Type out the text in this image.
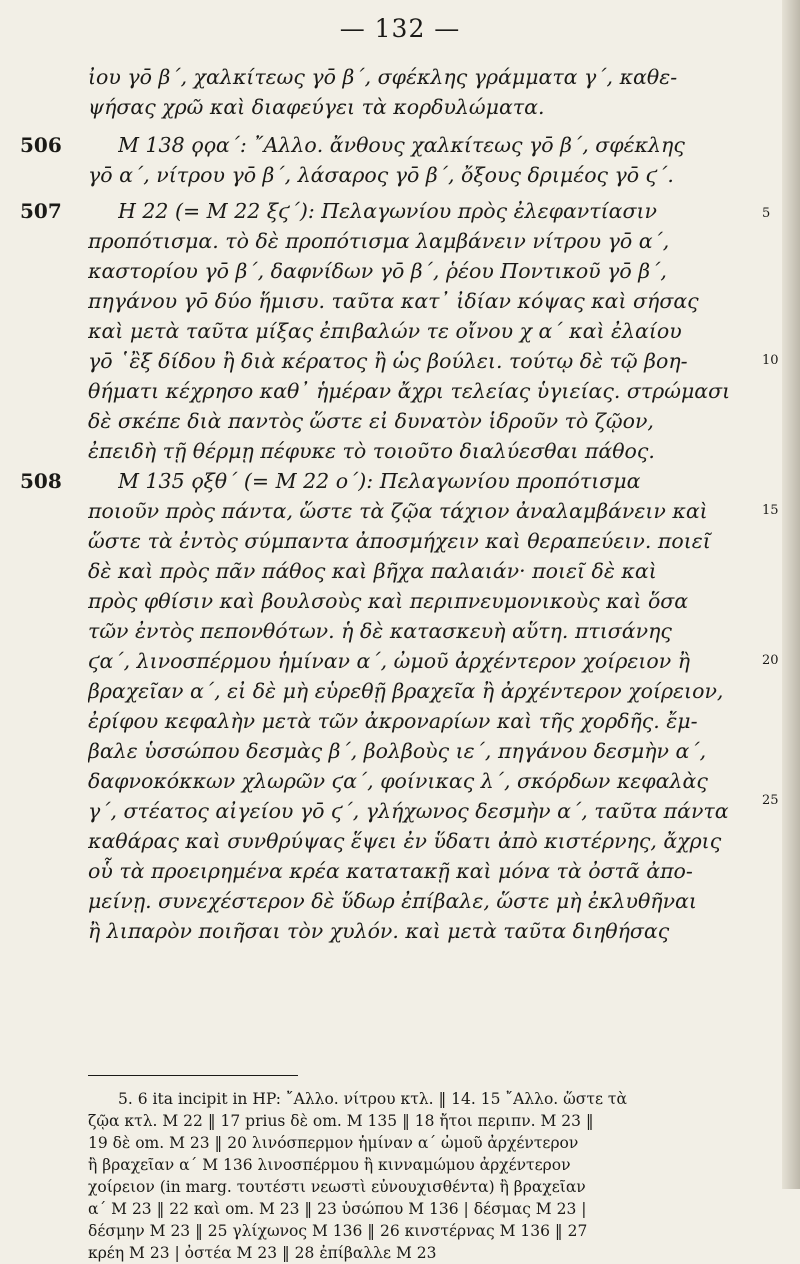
— 132 —
ἰου γο̄ β΄, χαλκίτεως γο̄ β΄, σφέκλης γράμματα γ΄, καθε-
ψήσας χρῶ καὶ διαφεύγει τὰ κορδυλώματα.
506	Μ 138 ϙϙα΄: ῎Αλλο. ἄνθους χαλκίτεως γο̄ β΄, σφέκλης
γο̄ α΄, νίτρου γο̄ β΄, λάσαρος γο̄ β΄, ὄξους δριμέος γο̄ ϛ΄.
507	Η 22 (= Μ 22 ξϛ΄): Πελαγωνίου πρὸς ἐλεφαντίασιν	5
προπότισμα. τὸ δὲ προπότισμα λαμβάνειν νίτρου γο̄ α΄,
καστορίου γο̄ β΄, δαφνίδων γο̄ β΄, ῥέου Ποντικοῦ γο̄ β΄,
πηγάνου γο̄ δύο ἥμισυ. ταῦτα κατ᾽ ἰδίαν κόψας καὶ σήσας
καὶ μετὰ ταῦτα μίξας ἐπιβαλών τε οἴνου χ α΄ καὶ ἐλαίου
γο̄ ῾ἒξ δίδου ἢ διὰ κέρατος ἢ ὡς βούλει. τούτῳ δὲ τῷ βοη-	10
θήματι κέχρησο καθ᾽ ἡμέραν ἄχρι τελείας ὑγιείας. στρώμασι
δὲ σκέπε διὰ παντὸς ὥστε εἰ δυνατὸν ἱδροῦν τὸ ζῷον,
ἐπειδὴ τῇ θέρμῃ πέφυκε τὸ τοιοῦτο διαλύεσθαι πάθος.
508	Μ 135 ϙξθ΄ (= Μ 22 ο΄): Πελαγωνίου προπότισμα
ποιοῦν πρὸς πάντα, ὥστε τὰ ζῷα τάχιον ἀναλαμβάνειν καὶ	15
ὥστε τὰ ἐντὸς σύμπαντα ἀποσμήχειν καὶ θεραπεύειν. ποιεῖ
δὲ καὶ πρὸς πᾶν πάθος καὶ βῆχα παλαιάν· ποιεῖ δὲ καὶ
πρὸς φθίσιν καὶ βουλσοὺς καὶ περιπνευμονικοὺς καὶ ὅσα
τῶν ἐντὸς πεπονθότων. ἡ δὲ κατασκευὴ αὕτη. πτισάνης
ϛα΄, λινοσπέρμου ἡμίναν α΄, ὠμοῦ ἀρχέντερον χοίρειον ἢ	20
βραχεῖαν α΄, εἰ δὲ μὴ εὑρεθῇ βραχεῖα ἢ ἀρχέντερον χοίρειον,
ἐρίφου κεφαλὴν μετὰ τῶν ἀκρονaρίων καὶ τῆς χορδῆς. ἔμ-
βαλε ὑσσώπου δεσμὰς β΄, βολβοὺς ιε΄, πηγάνου δεσμὴν α΄,
δαφνοκόκκων χλωρῶν ϛα΄, φοίνικας λ΄, σκόρδων κεφαλὰς
γ΄, στέατος αἰγείου γο̄ ϛ΄, γλήχωνος δεσμὴν α΄, ταῦτα πάντα	25
καθάρας καὶ συνθρύψας ἕψει ἐν ὕδατι ἀπὸ κιστέρνης, ἄχρις
οὗ τὰ προειρημένα κρέα κατατακῇ καὶ μόνα τὰ ὀστᾶ ἀπο-
μείνῃ. συνεχέστερον δὲ ὕδωρ ἐπίβαλε, ὥστε μὴ ἐκλυθῆναι
ἢ λιπαρὸν ποιῆσαι τὸν χυλόν. καὶ μετὰ ταῦτα διηθήσας
5. 6 ita incipit in HP: ῎Αλλο. νίτρου κτλ. ‖ 14. 15 ῎Αλλο. ὥστε τὰ
ζῷα κτλ. M 22 ‖ 17 prius δὲ om. M 135 ‖ 18 ἤτοι περιπν. M 23 ‖
19 δὲ om. M 23 ‖ 20 λινόσπερμον ἡμίναν α΄ ὠμοῦ ἀρχέντερον
ἢ βραχεῖαν α΄ M 136 λινοσπέρμου ἢ κινναμώμου ἀρχέντερον
χοίρειον (in marg. τουτέστι νεωστὶ εὐνουχισθέντα) ἢ βραχεῖαν
α΄ M 23 ‖ 22 καὶ om. M 23 ‖ 23 ὑσώπου M 136 | δέσμας M 23 |
δέσμην M 23 ‖ 25 γλίχωνος M 136 ‖ 26 κινστέρνας M 136 ‖ 27
κρέη M 23 | ὀστέα M 23 ‖ 28 ἐπίβαλλε M 23
